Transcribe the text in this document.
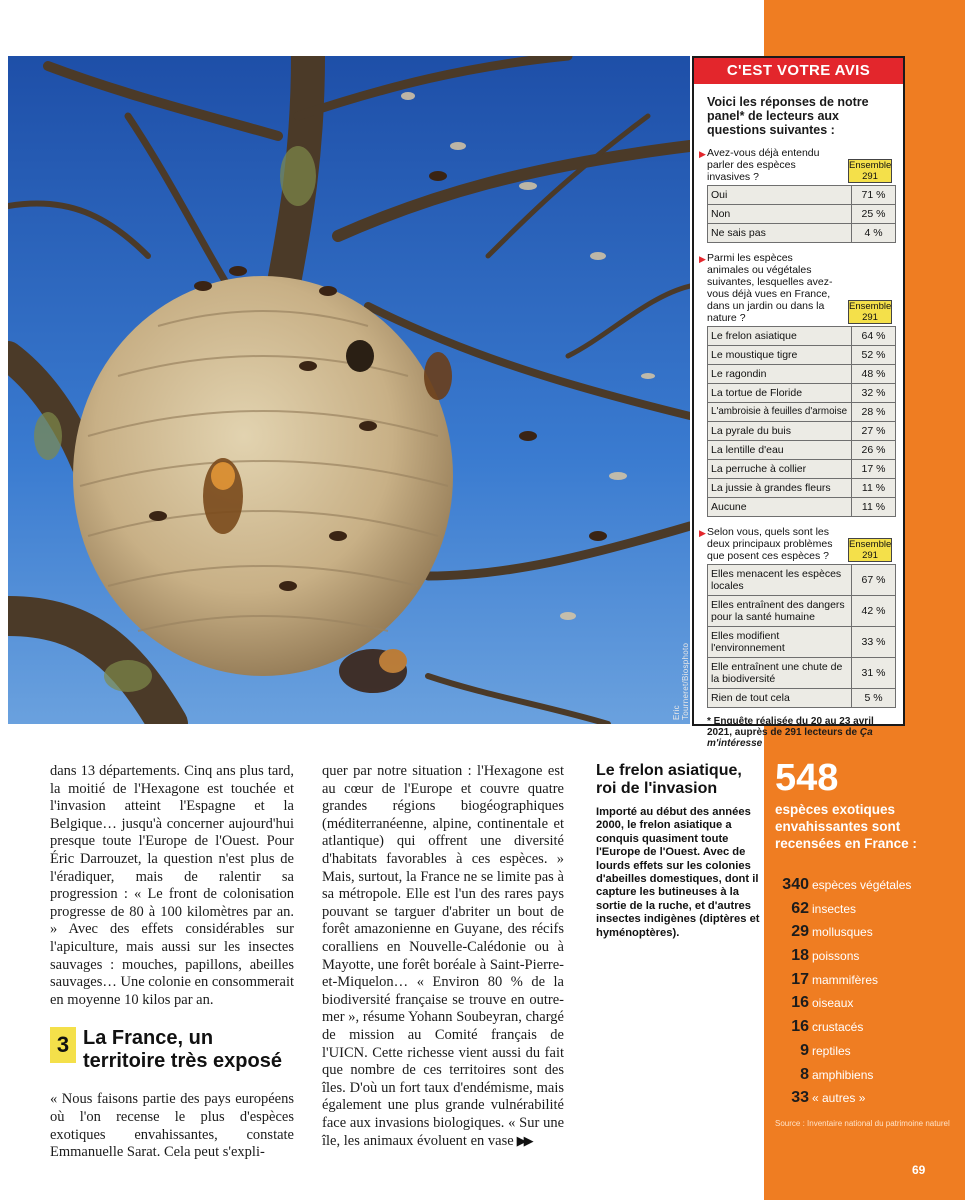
Eric Tourneret/Biosphoto
C'EST VOTRE AVIS
Voici les réponses de notre panel* de lecteurs aux questions suivantes :
▶ Avez-vous déjà entendu parler des espèces invasives ?
Ensemble
291
Oui	71 %
Non	25 %
Ne sais pas	4 %
▶ Parmi les espèces animales ou végétales suivantes, lesquelles avez-vous déjà vues en France, dans un jardin ou dans la nature ?
Ensemble
291
Le frelon asiatique	64 %
Le moustique tigre	52 %
Le ragondin	48 %
La tortue de Floride	32 %
L'ambroisie à feuilles d'armoise	28 %
La pyrale du buis	27 %
La lentille d'eau	26 %
La perruche à collier	17 %
La jussie à grandes fleurs	11 %
Aucune	11 %
▶ Selon vous, quels sont les deux principaux problèmes que posent ces espèces ?
Ensemble
291
Elles menacent les espèces locales	67 %
Elles entraînent des dangers pour la santé humaine	42 %
Elles modifient l'environnement	33 %
Elle entraînent une chute de la biodiversité	31 %
Rien de tout cela	5 %
* Enquête réalisée du 20 au 23 avril 2021, auprès de 291 lecteurs de Ça m'intéresse

dans 13 départements. Cinq ans plus tard, la moitié de l'Hexagone est touchée et l'invasion atteint l'Espagne et la Belgique… jusqu'à concerner aujourd'hui presque toute l'Europe de l'Ouest. Pour Éric Darrouzet, la question n'est plus de l'éradiquer, mais de ralentir sa progression : « Le front de colonisation progresse de 80 à 100 kilomètres par an. » Avec des effets considérables sur l'apiculture, mais aussi sur les insectes sauvages : mouches, papillons, abeilles sauvages… Une colonie en consommerait en moyenne 10 kilos par an.

3 La France, un territoire très exposé

« Nous faisons partie des pays européens où l'on recense le plus d'espèces exotiques envahissantes, constate Emmanuelle Sarat. Cela peut s'expli-

quer par notre situation : l'Hexagone est au cœur de l'Europe et couvre quatre grandes régions biogéographiques (méditerranéenne, alpine, continentale et atlantique) qui offrent une diversité d'habitats favorables à ces espèces. » Mais, surtout, la France ne se limite pas à sa métropole. Elle est l'un des rares pays pouvant se targuer d'abriter un bout de forêt amazonienne en Guyane, des récifs coralliens en Nouvelle-Calédonie ou à Mayotte, une forêt boréale à Saint-Pierre-et-Miquelon… « Environ 80 % de la biodiversité française se trouve en outre-mer », résume Yohann Soubeyran, chargé de mission au Comité français de l'UICN. Cette richesse vient aussi du fait que nombre de ces territoires sont des îles. D'où un fort taux d'endémisme, mais également une plus grande vulnérabilité face aux invasions biologiques. « Sur une île, les animaux évoluent en vase ▶▶
Le frelon asiatique, roi de l'invasion

Importé au début des années 2000, le frelon asiatique a conquis quasiment toute l'Europe de l'Ouest. Avec de lourds effets sur les colonies d'abeilles domestiques, dont il capture les butineuses à la sortie de la ruche, et d'autres insectes indigènes (diptères et hyménoptères).

548
espèces exotiques envahissantes sont recensées en France :
340 espèces végétales
62 insectes
29 mollusques
18 poissons
17 mammifères
16 oiseaux
16 crustacés
9 reptiles
8 amphibiens
33 « autres »
Source : Inventaire national du patrimoine naturel
69
